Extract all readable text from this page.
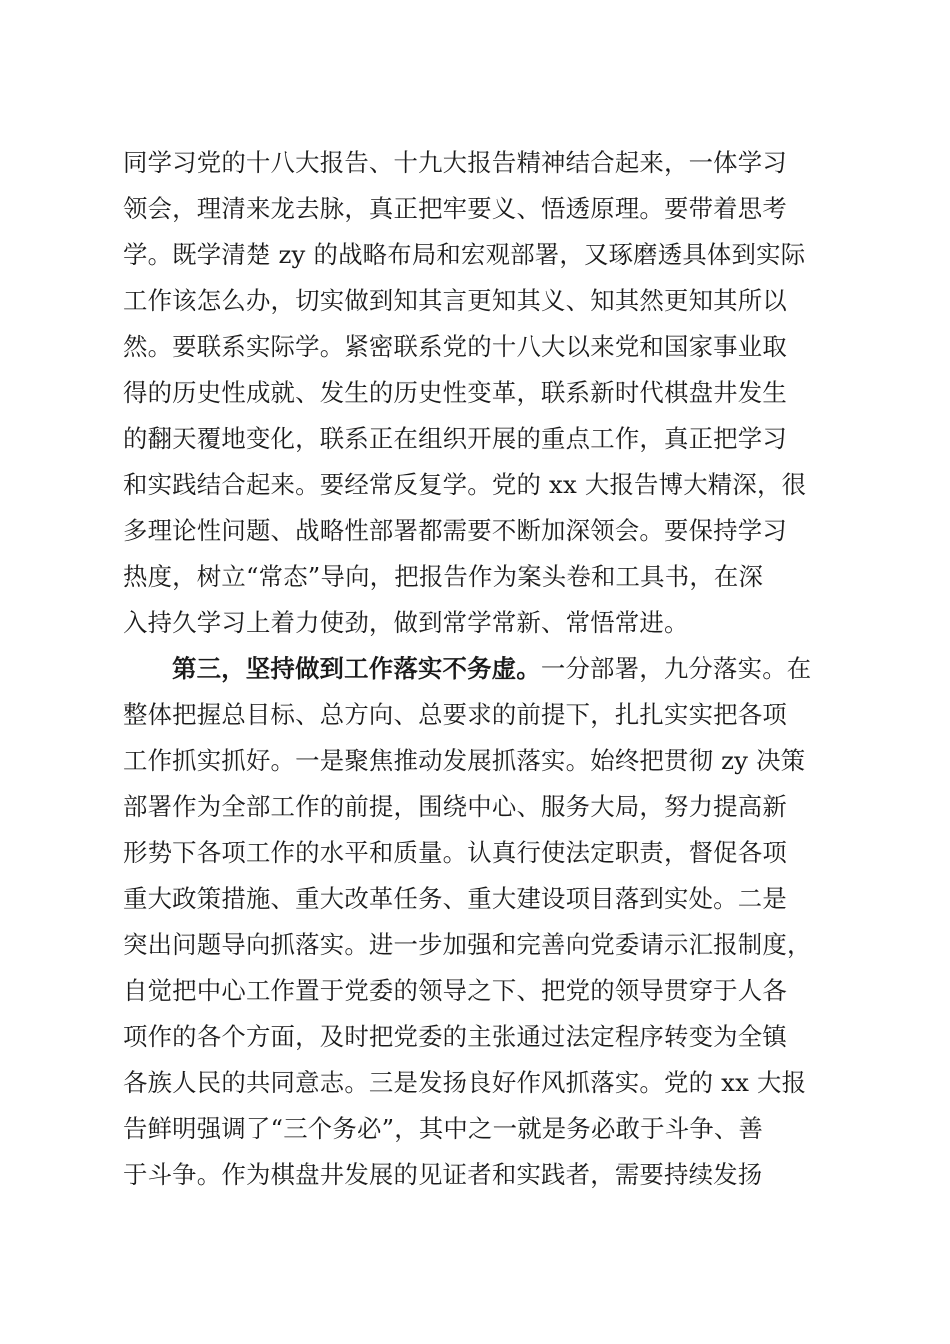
同学习党的十八大报告、十九大报告精神结合起来，一体学习
领会，理清来龙去脉，真正把牢要义、悟透原理。要带着思考
学。既学清楚 zy 的战略布局和宏观部署，又琢磨透具体到实际
工作该怎么办，切实做到知其言更知其义、知其然更知其所以
然。要联系实际学。紧密联系党的十八大以来党和国家事业取
得的历史性成就、发生的历史性变革，联系新时代棋盘井发生
的翻天覆地变化，联系正在组织开展的重点工作，真正把学习
和实践结合起来。要经常反复学。党的 xx 大报告博大精深，很
多理论性问题、战略性部署都需要不断加深领会。要保持学习
热度，树立“常态”导向，把报告作为案头卷和工具书，在深
入持久学习上着力使劲，做到常学常新、常悟常进。
第三，坚持做到工作落实不务虚。一分部署，九分落实。在
整体把握总目标、总方向、总要求的前提下，扎扎实实把各项
工作抓实抓好。一是聚焦推动发展抓落实。始终把贯彻 zy 决策
部署作为全部工作的前提，围绕中心、服务大局，努力提高新
形势下各项工作的水平和质量。认真行使法定职责，督促各项
重大政策措施、重大改革任务、重大建设项目落到实处。二是
突出问题导向抓落实。进一步加强和完善向党委请示汇报制度，
自觉把中心工作置于党委的领导之下、把党的领导贯穿于人各
项作的各个方面，及时把党委的主张通过法定程序转变为全镇
各族人民的共同意志。三是发扬良好作风抓落实。党的 xx 大报
告鲜明强调了“三个务必”，其中之一就是务必敢于斗争、善
于斗争。作为棋盘井发展的见证者和实践者，需要持续发扬
